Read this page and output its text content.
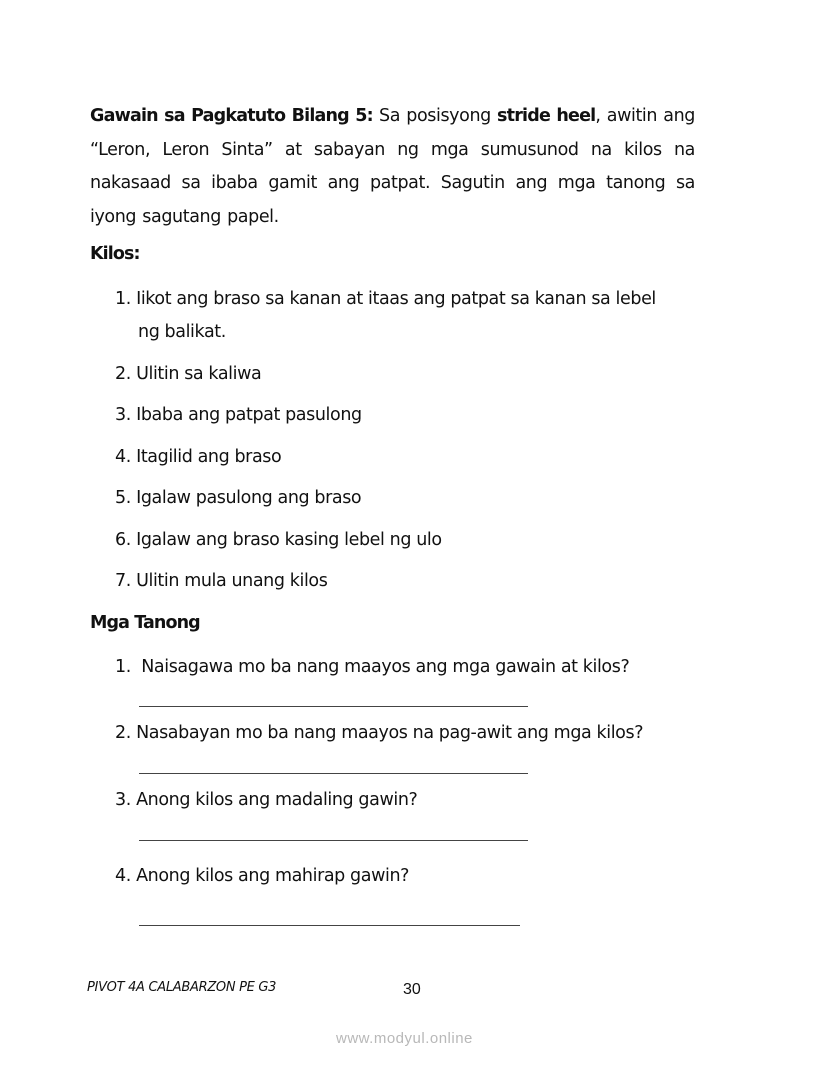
Gawain sa Pagkatuto Bilang 5: Sa posisyong stride heel, awitin ang “Leron, Leron Sinta” at sabayan ng mga sumusunod na kilos na nakasaad sa ibaba gamit ang patpat. Sagutin ang mga tanong sa iyong sagutang papel.

Kilos:
1. Iikot ang braso sa kanan at itaas ang patpat sa kanan sa lebel
ng balikat.
2. Ulitin sa kaliwa
3. Ibaba ang patpat pasulong
4. Itagilid ang braso
5. Igalaw pasulong ang braso
6. Igalaw ang braso kasing lebel ng ulo
7. Ulitin mula unang kilos
Mga Tanong
1. Naisagawa mo ba nang maayos ang mga gawain at kilos?
2. Nasabayan mo ba nang maayos na pag-awit ang mga kilos?
3. Anong kilos ang madaling gawin?
4. Anong kilos ang mahirap gawin?
PIVOT 4A CALABARZON PE G3	30
www.modyul.online
